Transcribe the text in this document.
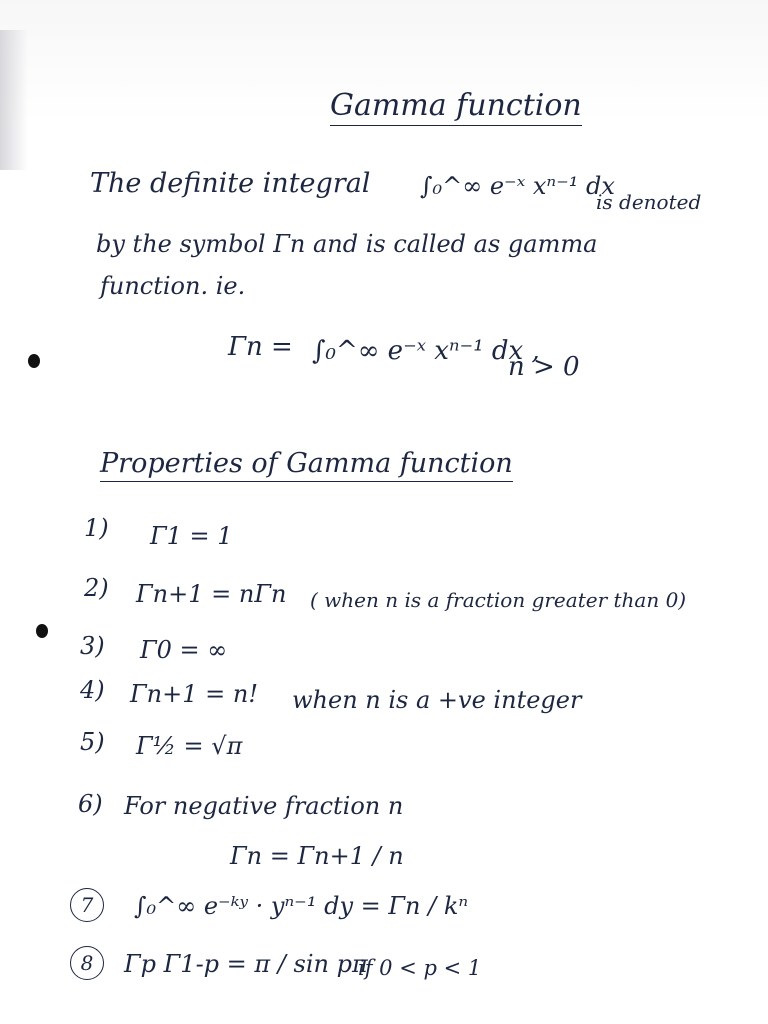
Gamma function
The definite integral ∫₀^∞ e⁻ˣ xⁿ⁻¹ dx
is denoted
by the symbol Γn and is called as gamma
function. ie.
Γn = ∫₀^∞ e⁻ˣ xⁿ⁻¹ dx ,
n > 0
Properties of Gamma function
1) Γ1 = 1
2) Γn+1 = nΓn ( when n is a fraction greater than 0)
3) Γ0 = ∞
4) Γn+1 = n! when n is a +ve integer
5) Γ½ = √π
6) For negative fraction n
Γn = Γn+1 / n
7	∫₀^∞ e⁻ᵏʸ · yⁿ⁻¹ dy = Γn / kⁿ
8	Γp Γ1-p = π / sin pπ
if 0 < p < 1
